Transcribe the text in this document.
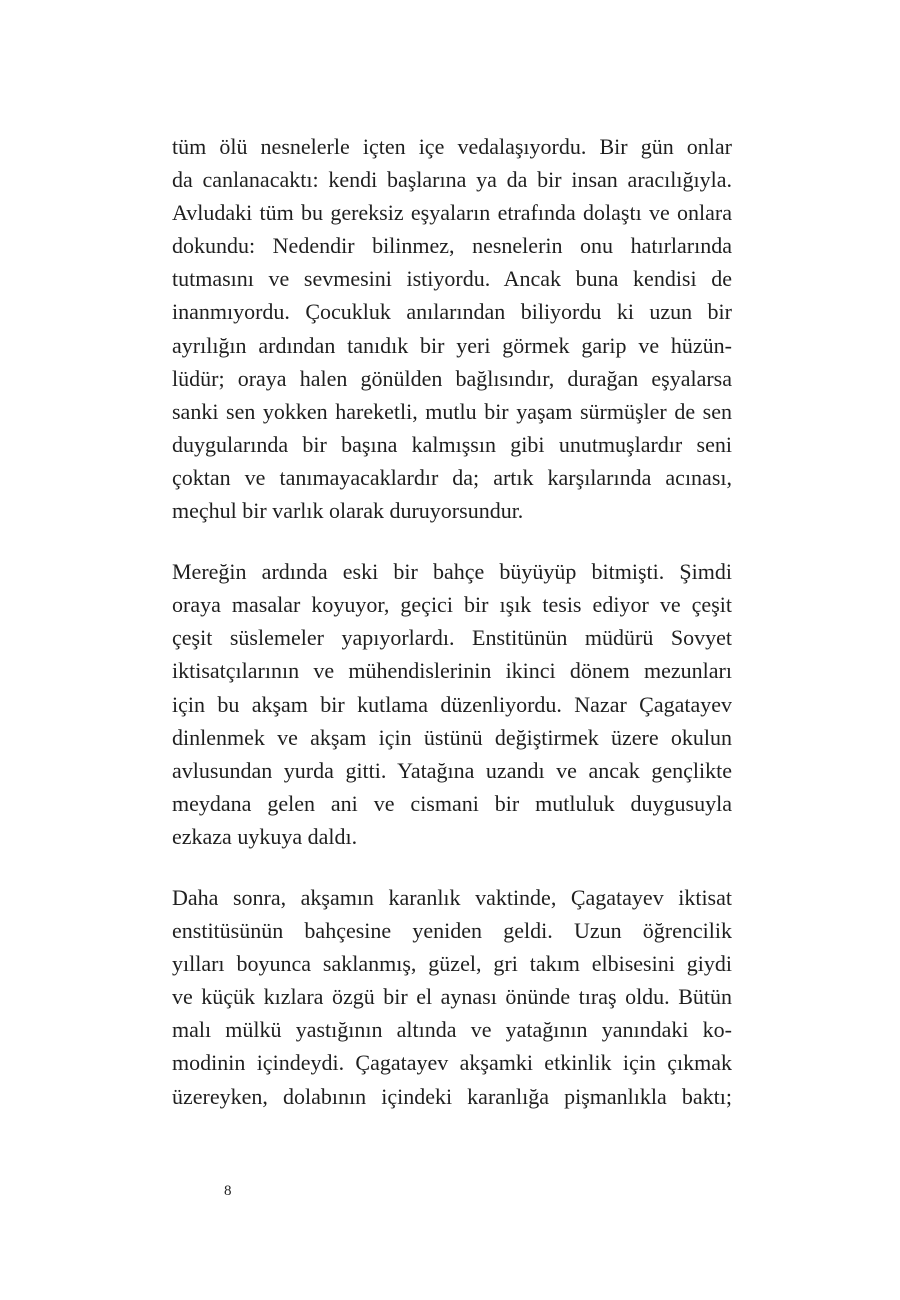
tüm ölü nesnelerle içten içe vedalaşıyordu. Bir gün onlar
da canlanacaktı: kendi başlarına ya da bir insan aracılığıyla.
Avludaki tüm bu gereksiz eşyaların etrafında dolaştı ve onlara
dokundu: Nedendir bilinmez, nesnelerin onu hatırlarında
tutmasını ve sevmesini istiyordu. Ancak buna kendisi de
inanmıyordu. Çocukluk anılarından biliyordu ki uzun bir
ayrılığın ardından tanıdık bir yeri görmek garip ve hüzün-
lüdür; oraya halen gönülden bağlısındır, durağan eşyalarsa
sanki sen yokken hareketli, mutlu bir yaşam sürmüşler de sen
duygularında bir başına kalmışsın gibi unutmuşlardır seni
çoktan ve tanımayacaklardır da; artık karşılarında acınası,
meçhul bir varlık olarak duruyorsundur.
Mereğin ardında eski bir bahçe büyüyüp bitmişti. Şimdi
oraya masalar koyuyor, geçici bir ışık tesis ediyor ve çeşit
çeşit süslemeler yapıyorlardı. Enstitünün müdürü Sovyet
iktisatçılarının ve mühendislerinin ikinci dönem mezunları
için bu akşam bir kutlama düzenliyordu. Nazar Çagatayev
dinlenmek ve akşam için üstünü değiştirmek üzere okulun
avlusundan yurda gitti. Yatağına uzandı ve ancak gençlikte
meydana gelen ani ve cismani bir mutluluk duygusuyla
ezkaza uykuya daldı.
Daha sonra, akşamın karanlık vaktinde, Çagatayev iktisat
enstitüsünün bahçesine yeniden geldi. Uzun öğrencilik
yılları boyunca saklanmış, güzel, gri takım elbisesini giydi
ve küçük kızlara özgü bir el aynası önünde tıraş oldu. Bütün
malı mülkü yastığının altında ve yatağının yanındaki ko-
modinin içindeydi. Çagatayev akşamki etkinlik için çıkmak
üzereyken, dolabının içindeki karanlığa pişmanlıkla baktı;
8
